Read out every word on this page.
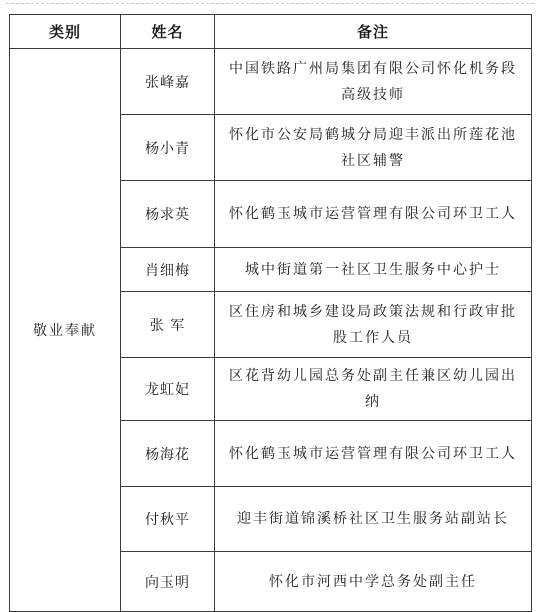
类别	姓名	备注
敬业奉献	张峰嘉	中国铁路广州局集团有限公司怀化机务段高级技师
	杨小青	怀化市公安局鹤城分局迎丰派出所莲花池社区辅警
	杨求英	怀化鹤玉城市运营管理有限公司环卫工人
	肖细梅	城中街道第一社区卫生服务中心护士
	张 军	区住房和城乡建设局政策法规和行政审批股工作人员
	龙虹妃	区花背幼儿园总务处副主任兼区幼儿园出纳
	杨海花	怀化鹤玉城市运营管理有限公司环卫工人
	付秋平	迎丰街道锦溪桥社区卫生服务站副站长
	向玉明	怀化市河西中学总务处副主任
